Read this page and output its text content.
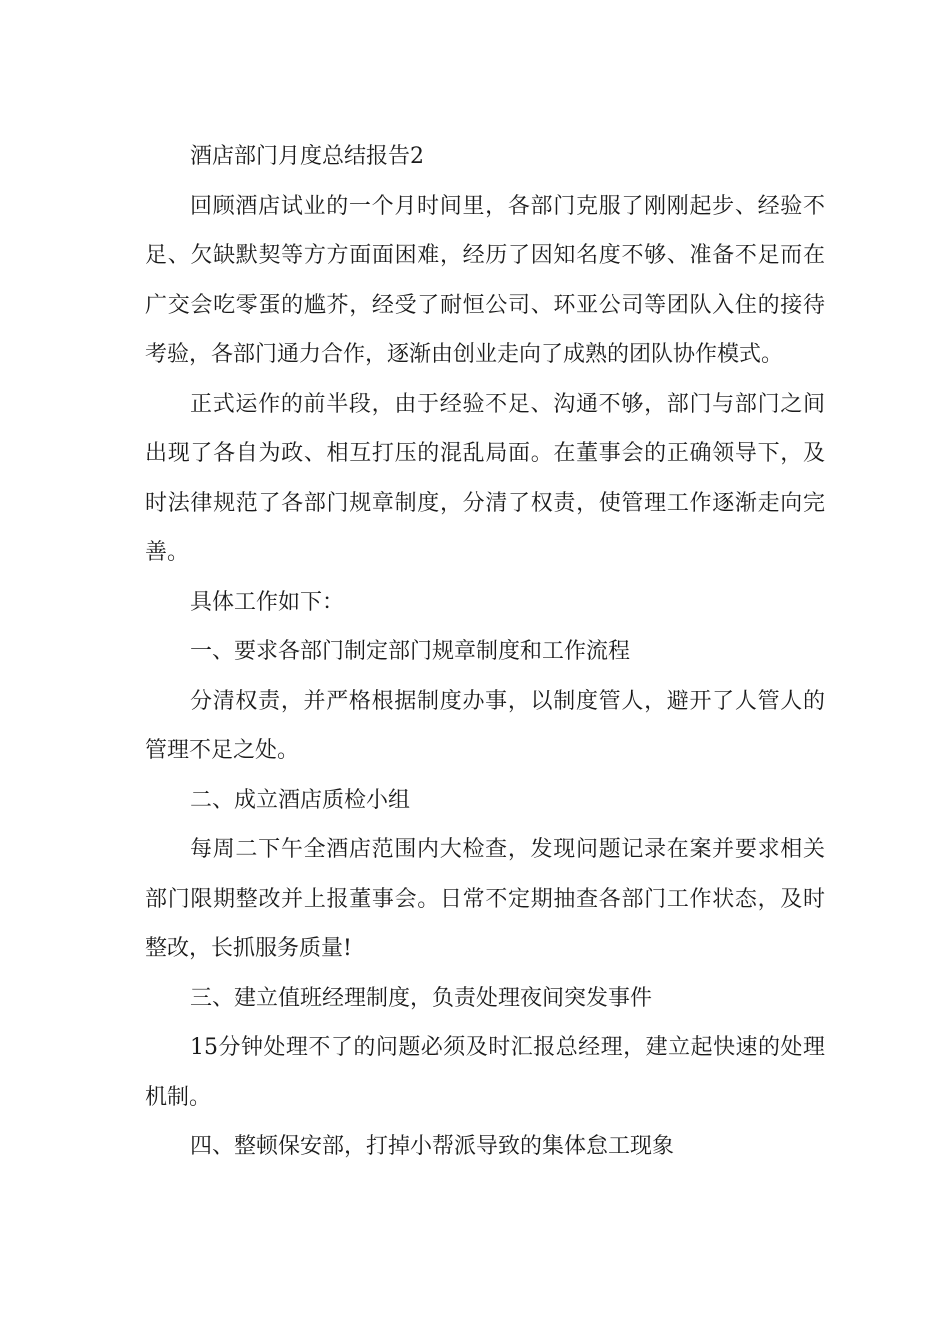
酒店部门月度总结报告2

回顾酒店试业的一个月时间里，各部门克服了刚刚起步、经验不足、欠缺默契等方方面面困难，经历了因知名度不够、准备不足而在广交会吃零蛋的尴芥，经受了耐恒公司、环亚公司等团队入住的接待考验，各部门通力合作，逐渐由创业走向了成熟的团队协作模式。

正式运作的前半段，由于经验不足、沟通不够，部门与部门之间出现了各自为政、相互打压的混乱局面。在董事会的正确领导下，及时法律规范了各部门规章制度，分清了权责，使管理工作逐渐走向完善。

具体工作如下：

一、要求各部门制定部门规章制度和工作流程

分清权责，并严格根据制度办事，以制度管人，避开了人管人的管理不足之处。

二、成立酒店质检小组

每周二下午全酒店范围内大检查，发现问题记录在案并要求相关部门限期整改并上报董事会。日常不定期抽查各部门工作状态，及时整改，长抓服务质量!

三、建立值班经理制度，负责处理夜间突发事件

15分钟处理不了的问题必须及时汇报总经理，建立起快速的处理机制。

四、整顿保安部，打掉小帮派导致的集体怠工现象
